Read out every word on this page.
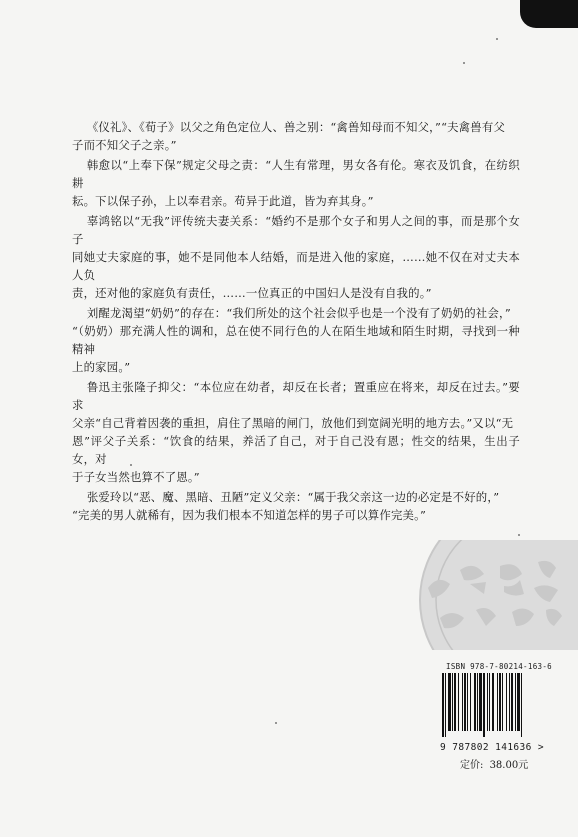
《仪礼》、《荀子》以父之角色定位人、兽之别：“禽兽知母而不知父，”“夫禽兽有父
子而不知父子之亲。”

韩愈以“上奉下保”规定父母之责：“人生有常理，男女各有伦。寒衣及饥食，在纺织耕
耘。下以保子孙，上以奉君亲。苟异于此道，皆为弃其身。”

辜鸿铭以“无我”评传统夫妻关系：“婚约不是那个女子和男人之间的事，而是那个女子
同她丈夫家庭的事，她不是同他本人结婚，而是进入他的家庭，……她不仅在对丈夫本人负
责，还对他的家庭负有责任，……一位真正的中国妇人是没有自我的。”

刘醒龙渴望“奶奶”的存在：“我们所处的这个社会似乎也是一个没有了奶奶的社会，”
“（奶奶）那充满人性的调和，总在使不同行色的人在陌生地域和陌生时期，寻找到一种精神
上的家园。”

鲁迅主张隆子抑父：“本位应在幼者，却反在长者；置重应在将来，却反在过去。”要求
父亲“自己背着因袭的重担，肩住了黑暗的闸门，放他们到宽阔光明的地方去。”又以“无
恩”评父子关系：“饮食的结果，养活了自己，对于自己没有恩；性交的结果，生出子女，对
于子女当然也算不了恩。”

张爱玲以“恶、魔、黑暗、丑陋”定义父亲：“属于我父亲这一边的必定是不好的，”
“完美的男人就稀有，因为我们根本不知道怎样的男子可以算作完美。”

ISBN 978-7-80214-163-6
9 787802 141636 >
定价: 38.00元
